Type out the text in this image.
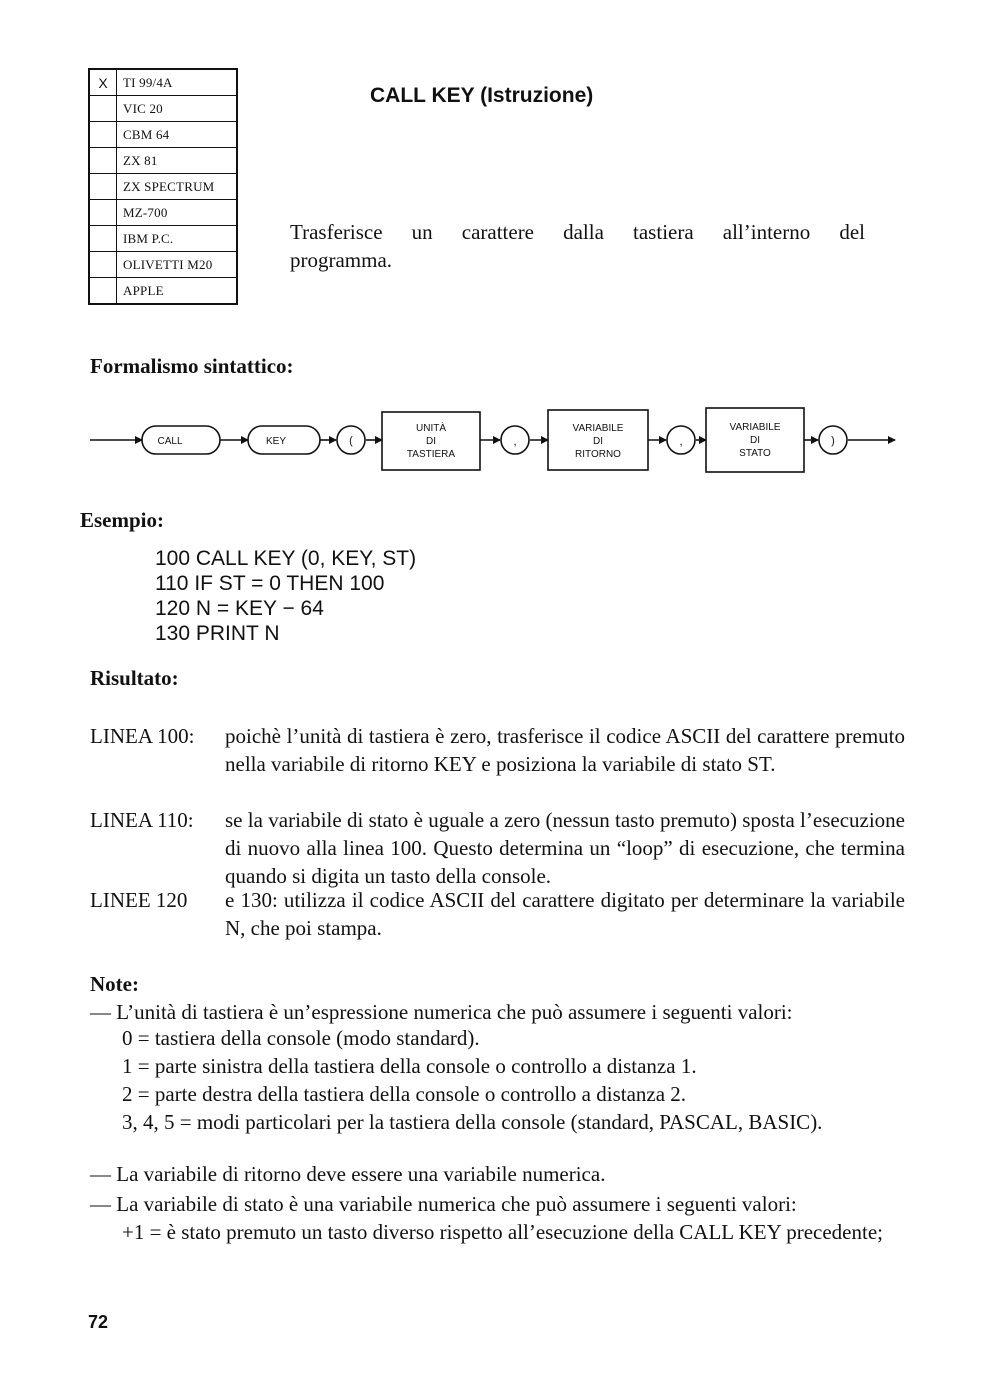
X	TI 99/4A
	VIC 20
	CBM 64
	ZX 81
	ZX SPECTRUM
	MZ-700
	IBM P.C.
	OLIVETTI M20
	APPLE
CALL KEY (Istruzione)

Trasferisce un carattere dalla tastiera all’interno del

programma.

Formalismo sintattico:
CALL	KEY	(
UNITÀ
DI
TASTIERA
,
VARIABILE
DI
RITORNO
,
VARIABILE
DI
STATO
)
Esempio:
100 CALL KEY (0, KEY, ST)
110 IF ST = 0 THEN 100
120 N = KEY − 64
130 PRINT N
Risultato:
LINEA 100: poichè l’unità di tastiera è zero, trasferisce il codice ASCII del carattere premuto nella variabile di ritorno KEY e posiziona la variabile di stato ST.
LINEA 110: se la variabile di stato è uguale a zero (nessun tasto premuto) sposta l’esecuzione di nuovo alla linea 100. Questo determina un “loop” di esecuzione, che termina quando si digita un tasto della console.
LINEE 120 e 130: utilizza il codice ASCII del carattere digitato per determinare la variabile N, che poi stampa.
Note:

— L’unità di tastiera è un’espressione numerica che può assumere i seguenti valori:

0 = tastiera della console (modo standard).

1 = parte sinistra della tastiera della console o controllo a distanza 1.

2 = parte destra della tastiera della console o controllo a distanza 2.

3, 4, 5 = modi particolari per la tastiera della console (standard, PASCAL, BASIC).

— La variabile di ritorno deve essere una variabile numerica.

— La variabile di stato è una variabile numerica che può assumere i seguenti valori:

+1 = è stato premuto un tasto diverso rispetto all’esecuzione della CALL KEY precedente;

72
